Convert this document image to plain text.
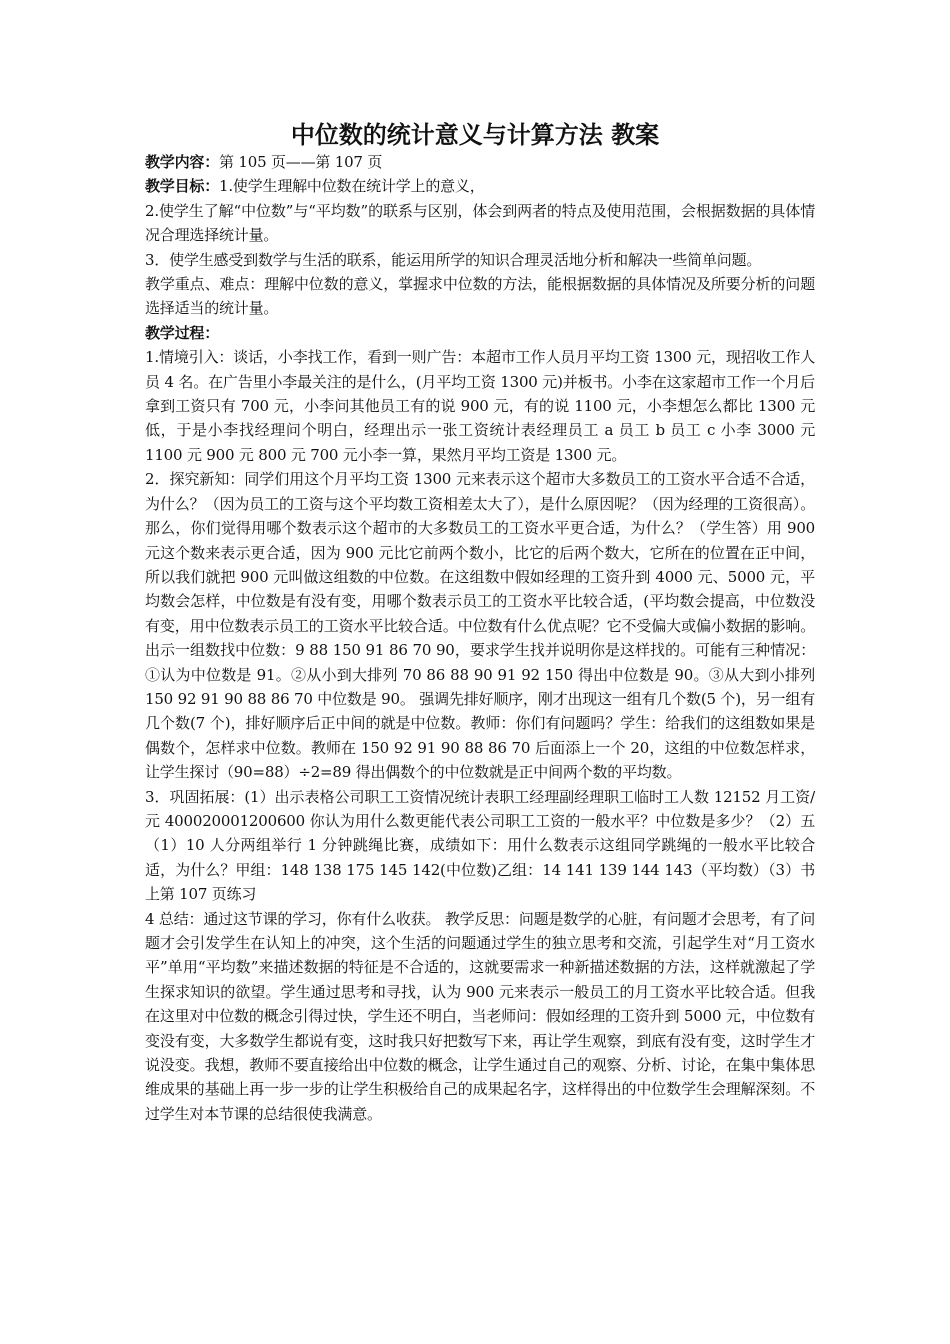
中位数的统计意义与计算方法 教案

教学内容：第 105 页——第 107 页

教学目标：1.使学生理解中位数在统计学上的意义，

2.使学生了解“中位数”与“平均数”的联系与区别，体会到两者的特点及使用范围，会根据数据的具体情况合理选择统计量。

3．使学生感受到数学与生活的联系，能运用所学的知识合理灵活地分析和解决一些简单问题。

教学重点、难点：理解中位数的意义，掌握求中位数的方法，能根据数据的具体情况及所要分析的问题选择适当的统计量。

教学过程：

1.情境引入：谈话，小李找工作，看到一则广告：本超市工作人员月平均工资 1300 元，现招收工作人员 4 名。在广告里小李最关注的是什么，(月平均工资 1300 元)并板书。小李在这家超市工作一个月后拿到工资只有 700 元，小李问其他员工有的说 900 元，有的说 1100 元，小李想怎么都比 1300 元低，于是小李找经理问个明白，经理出示一张工资统计表经理员工 a 员工 b 员工 c 小李 3000 元 1100 元 900 元 800 元 700 元小李一算，果然月平均工资是 1300 元。

2．探究新知：同学们用这个月平均工资 1300 元来表示这个超市大多数员工的工资水平合适不合适，为什么？（因为员工的工资与这个平均数工资相差太大了），是什么原因呢？（因为经理的工资很高）。那么，你们觉得用哪个数表示这个超市的大多数员工的工资水平更合适，为什么？（学生答）用 900 元这个数来表示更合适，因为 900 元比它前两个数小，比它的后两个数大，它所在的位置在正中间，所以我们就把 900 元叫做这组数的中位数。在这组数中假如经理的工资升到 4000 元、5000 元，平均数会怎样，中位数是有没有变，用哪个数表示员工的工资水平比较合适，(平均数会提高，中位数没有变，用中位数表示员工的工资水平比较合适。中位数有什么优点呢？它不受偏大或偏小数据的影响。出示一组数找中位数：9 88 150 91 86 70 90，要求学生找并说明你是这样找的。可能有三种情况：①认为中位数是 91。②从小到大排列 70 86 88 90 91 92 150 得出中位数是 90。③从大到小排列 150 92 91 90 88 86 70 中位数是 90。 强调先排好顺序，刚才出现这一组有几个数(5 个)，另一组有几个数(7 个)，排好顺序后正中间的就是中位数。教师：你们有问题吗？学生：给我们的这组数如果是偶数个，怎样求中位数。教师在 150 92 91 90 88 86 70 后面添上一个 20，这组的中位数怎样求，让学生探讨（90=88）÷2=89 得出偶数个的中位数就是正中间两个数的平均数。

3．巩固拓展：(1）出示表格公司职工工资情况统计表职工经理副经理职工临时工人数 12152 月工资/元 400020001200600 你认为用什么数更能代表公司职工工资的一般水平？中位数是多少？（2）五（1）10 人分两组举行 1 分钟跳绳比赛，成绩如下：用什么数表示这组同学跳绳的一般水平比较合适，为什么？甲组：148 138 175 145 142(中位数)乙组：14 141 139 144 143（平均数）（3）书上第 107 页练习

4 总结：通过这节课的学习，你有什么收获。 教学反思：问题是数学的心脏，有问题才会思考，有了问题才会引发学生在认知上的冲突，这个生活的问题通过学生的独立思考和交流，引起学生对“月工资水平”单用“平均数”来描述数据的特征是不合适的，这就要需求一种新描述数据的方法，这样就激起了学生探求知识的欲望。学生通过思考和寻找，认为 900 元来表示一般员工的月工资水平比较合适。但我在这里对中位数的概念引得过快，学生还不明白，当老师问：假如经理的工资升到 5000 元，中位数有变没有变，大多数学生都说有变，这时我只好把数写下来，再让学生观察，到底有没有变，这时学生才说没变。我想，教师不要直接给出中位数的概念，让学生通过自己的观察、分析、讨论，在集中集体思维成果的基础上再一步一步的让学生积极给自己的成果起名字，这样得出的中位数学生会理解深刻。不过学生对本节课的总结很使我满意。
